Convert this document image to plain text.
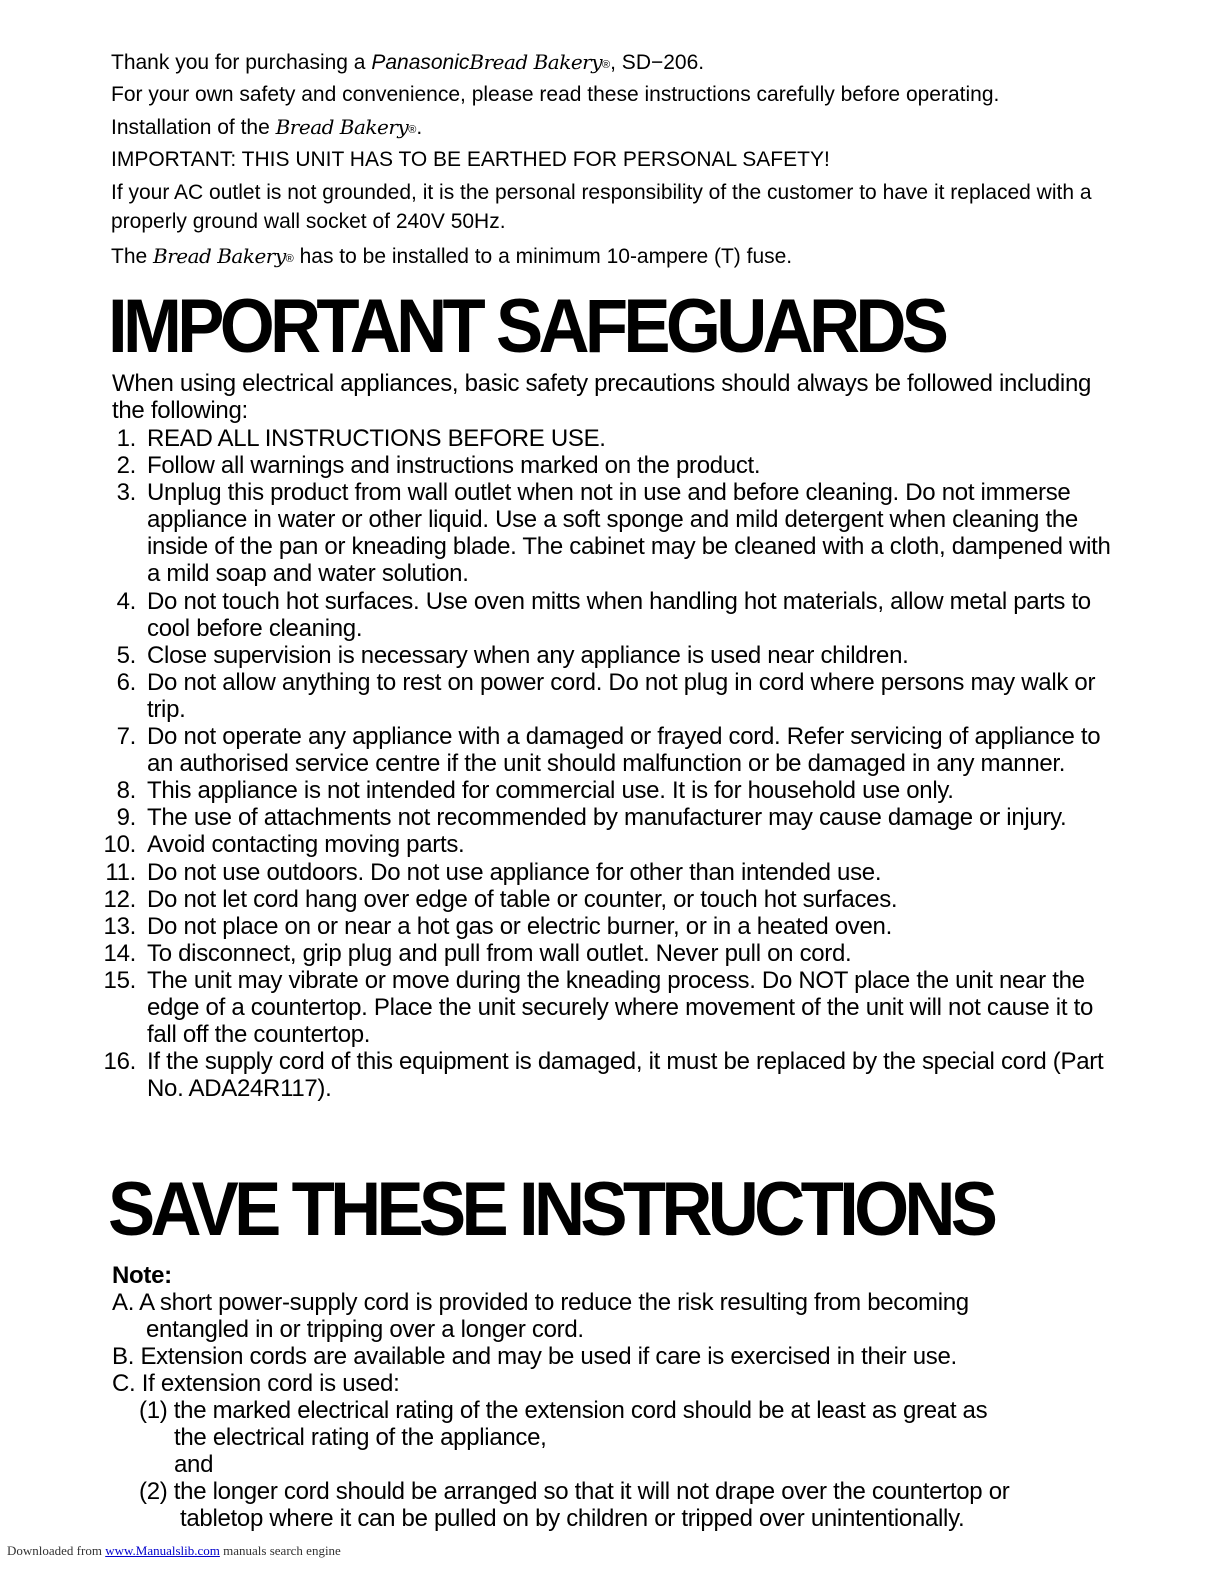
Thank you for purchasing a PanasonicBread Bakery®, SD−206.

For your own safety and convenience, please read these instructions carefully before operating.

Installation of the Bread Bakery®.

IMPORTANT: THIS UNIT HAS TO BE EARTHED FOR PERSONAL SAFETY!

If your AC outlet is not grounded, it is the personal responsibility of the customer to have it replaced with a properly ground wall socket of 240V 50Hz.

The Bread Bakery® has to be installed to a minimum 10-ampere (T) fuse.

IMPORTANT SAFEGUARDS
When using electrical appliances, basic safety precautions should always be followed including the following:
1. READ ALL INSTRUCTIONS BEFORE USE.
2. Follow all warnings and instructions marked on the product.
3. Unplug this product from wall outlet when not in use and before cleaning. Do not immerse appliance in water or other liquid. Use a soft sponge and mild detergent when cleaning the inside of the pan or kneading blade. The cabinet may be cleaned with a cloth, dampened with a mild soap and water solution.
4. Do not touch hot surfaces. Use oven mitts when handling hot materials, allow metal parts to cool before cleaning.
5. Close supervision is necessary when any appliance is used near children.
6. Do not allow anything to rest on power cord. Do not plug in cord where persons may walk or trip.
7. Do not operate any appliance with a damaged or frayed cord. Refer servicing of appliance to an authorised service centre if the unit should malfunction or be damaged in any manner.
8. This appliance is not intended for commercial use. It is for household use only.
9. The use of attachments not recommended by manufacturer may cause damage or injury.
10. Avoid contacting moving parts.
11. Do not use outdoors. Do not use appliance for other than intended use.
12. Do not let cord hang over edge of table or counter, or touch hot surfaces.
13. Do not place on or near a hot gas or electric burner, or in a heated oven.
14. To disconnect, grip plug and pull from wall outlet. Never pull on cord.
15. The unit may vibrate or move during the kneading process. Do NOT place the unit near the edge of a countertop. Place the unit securely where movement of the unit will not cause it to fall off the countertop.
16. If the supply cord of this equipment is damaged, it must be replaced by the special cord (Part No. ADA24R117).
SAVE THESE INSTRUCTIONS

Note:

A. A short power-supply cord is provided to reduce the risk resulting from becoming

entangled in or tripping over a longer cord.

B. Extension cords are available and may be used if care is exercised in their use.

C. If extension cord is used:

(1) the marked electrical rating of the extension cord should be at least as great as

the electrical rating of the appliance,

and

(2) the longer cord should be arranged so that it will not drape over the countertop or

tabletop where it can be pulled on by children or tripped over unintentionally.

Downloaded from www.Manualslib.com manuals search engine
